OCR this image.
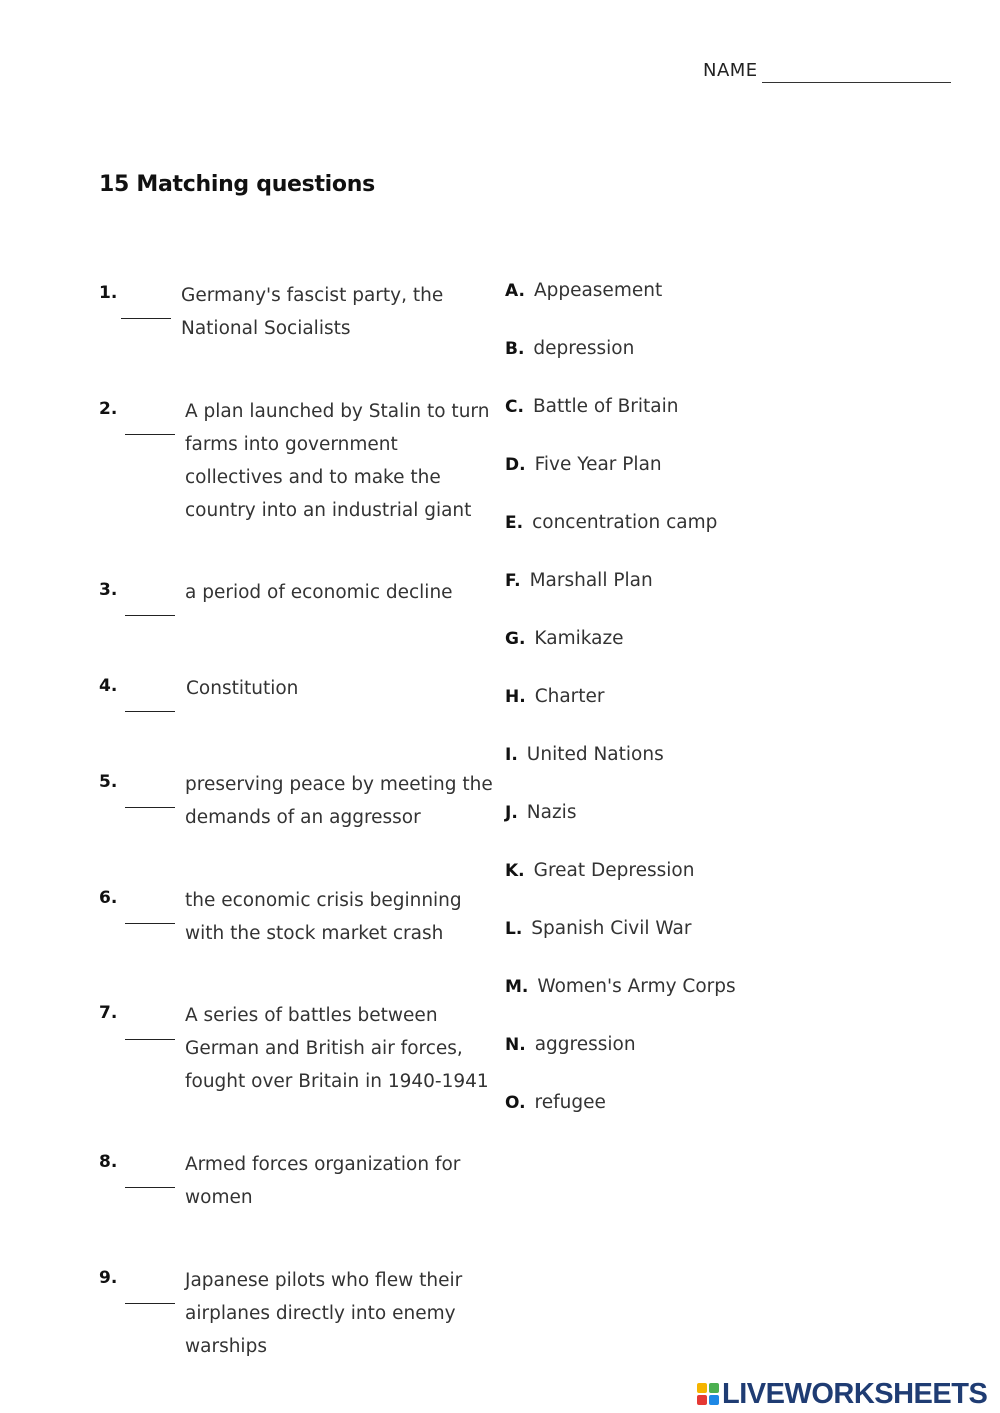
NAME
15 Matching questions
1.	Germany's fascist party, the National Socialists
2.	A plan launched by Stalin to turn farms into government collectives and to make the country into an industrial giant
3.	a period of economic decline
4.	Constitution
5.	preserving peace by meeting the demands of an aggressor
6.	the economic crisis beginning with the stock market crash
7.	A series of battles between German and British air forces, fought over Britain in 1940-1941
8.	Armed forces organization for women
9.	Japanese pilots who flew their airplanes directly into enemy warships
A. Appeasement
B. depression
C. Battle of Britain
D. Five Year Plan
E. concentration camp
F. Marshall Plan
G. Kamikaze
H. Charter
I. United Nations
J. Nazis
K. Great Depression
L. Spanish Civil War
M. Women's Army Corps
N. aggression
O. refugee
LIVEWORKSHEETS
